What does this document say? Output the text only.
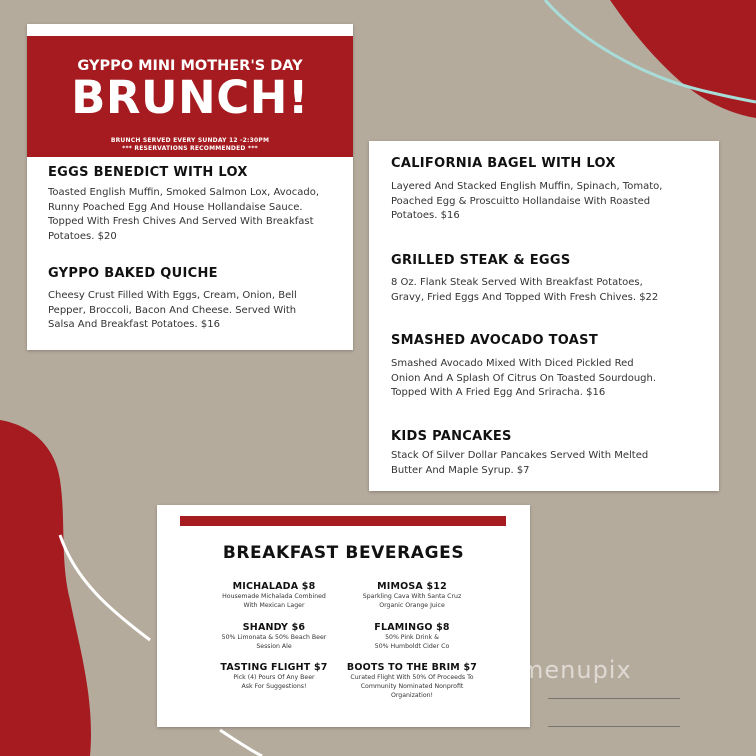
GYPPO MINI MOTHER'S DAY
BRUNCH!
BRUNCH SERVED EVERY SUNDAY 12 -2:30PM
*** RESERVATIONS RECOMMENDED ***
EGGS BENEDICT WITH LOX
Toasted English Muffin, Smoked Salmon Lox, Avocado,
Runny Poached Egg And House Hollandaise Sauce.
Topped With Fresh Chives And Served With Breakfast
Potatoes. $20
GYPPO BAKED QUICHE
Cheesy Crust Filled With Eggs, Cream, Onion, Bell
Pepper, Broccoli, Bacon And Cheese. Served With
Salsa And Breakfast Potatoes. $16
CALIFORNIA BAGEL WITH LOX
Layered And Stacked English Muffin, Spinach, Tomato,
Poached Egg & Proscuitto Hollandaise With Roasted
Potatoes. $16
GRILLED STEAK & EGGS
8 Oz. Flank Steak Served With Breakfast Potatoes,
Gravy, Fried Eggs And Topped With Fresh Chives. $22
SMASHED AVOCADO TOAST
Smashed Avocado Mixed With Diced Pickled Red
Onion And A Splash Of Citrus On Toasted Sourdough.
Topped With A Fried Egg And Sriracha. $16
KIDS PANCAKES
Stack Of Silver Dollar Pancakes Served With Melted
Butter And Maple Syrup. $7
BREAKFAST BEVERAGES
MICHALADA $8
Housemade Michalada Combined
With Mexican Lager
MIMOSA $12
Sparkling Cava With Santa Cruz
Organic Orange Juice
SHANDY $6
50% Limonata & 50% Beach Beer
Session Ale
FLAMINGO $8
50% Pink Drink &
50% Humboldt Cider Co
TASTING FLIGHT $7
Pick (4) Pours Of Any Beer
Ask For Suggestions!
BOOTS TO THE BRIM $7
Curated Flight With 50% Of Proceeds To
Community Nominated Nonprofit
Organization!
menupix
